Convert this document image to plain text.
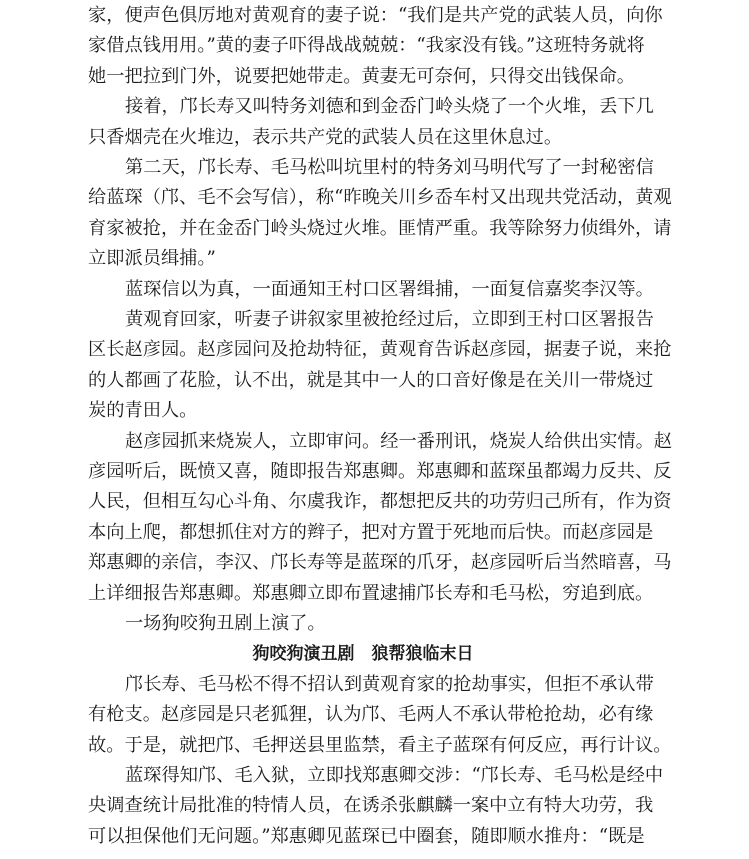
家，便声色俱厉地对黄观育的妻子说：“我们是共产党的武装人员，向你
家借点钱用用。”黄的妻子吓得战战兢兢：“我家没有钱。”这班特务就将
她一把拉到门外，说要把她带走。黄妻无可奈何，只得交出钱保命。
接着，邝长寿又叫特务刘德和到金岙门岭头烧了一个火堆，丢下几
只香烟壳在火堆边，表示共产党的武装人员在这里休息过。
第二天，邝长寿、毛马松叫坑里村的特务刘马明代写了一封秘密信
给蓝琛（邝、毛不会写信），称“昨晚关川乡岙车村又出现共党活动，黄观
育家被抢，并在金岙门岭头烧过火堆。匪情严重。我等除努力侦缉外，请
立即派员缉捕。”
蓝琛信以为真，一面通知王村口区署缉捕，一面复信嘉奖李汉等。
黄观育回家，听妻子讲叙家里被抢经过后，立即到王村口区署报告
区长赵彦园。赵彦园问及抢劫特征，黄观育告诉赵彦园，据妻子说，来抢
的人都画了花脸，认不出，就是其中一人的口音好像是在关川一带烧过
炭的青田人。
赵彦园抓来烧炭人，立即审问。经一番刑讯，烧炭人给供出实情。赵
彦园听后，既愤又喜，随即报告郑惠卿。郑惠卿和蓝琛虽都竭力反共、反
人民，但相互勾心斗角、尔虞我诈，都想把反共的功劳归己所有，作为资
本向上爬，都想抓住对方的辫子，把对方置于死地而后快。而赵彦园是
郑惠卿的亲信，李汉、邝长寿等是蓝琛的爪牙，赵彦园听后当然暗喜，马
上详细报告郑惠卿。郑惠卿立即布置逮捕邝长寿和毛马松，穷追到底。
一场狗咬狗丑剧上演了。
狗咬狗演丑剧　狼帮狼临末日
邝长寿、毛马松不得不招认到黄观育家的抢劫事实，但拒不承认带
有枪支。赵彦园是只老狐狸，认为邝、毛两人不承认带枪抢劫，必有缘
故。于是，就把邝、毛押送县里监禁，看主子蓝琛有何反应，再行计议。
蓝琛得知邝、毛入狱，立即找郑惠卿交涉：“邝长寿、毛马松是经中
央调查统计局批准的特情人员，在诱杀张麒麟一案中立有特大功劳，我
可以担保他们无问题。”郑惠卿见蓝琛已中圈套，随即顺水推舟：“既是
